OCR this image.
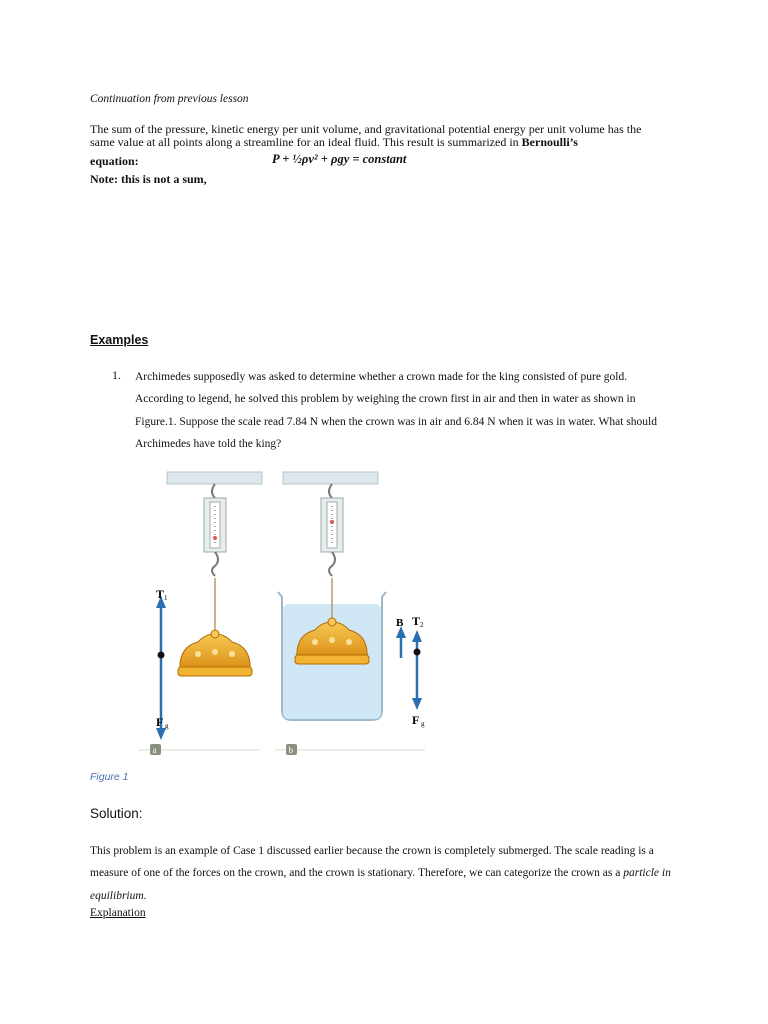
Continuation from previous lesson
The sum of the pressure, kinetic energy per unit volume, and gravitational potential energy per unit volume has the same value at all points along a streamline for an ideal fluid. This result is summarized in Bernoulli’s
equation:	P + ½ρv² + ρgy = constant
Note: this is not a sum,
Examples
1. Archimedes supposedly was asked to determine whether a crown made for the king consisted of pure gold. According to legend, he solved this problem by weighing the crown first in air and then in water as shown in Figure.1. Suppose the scale read 7.84 N when the crown was in air and 6.84 N when it was in water. What should Archimedes have told the king?
T 1
F g
B T 2
F g
a	b
Figure 1
Solution:
This problem is an example of Case 1 discussed earlier because the crown is completely submerged. The scale reading is a measure of one of the forces on the crown, and the crown is stationary. Therefore, we can categorize the crown as a particle in equilibrium.
Explanation
